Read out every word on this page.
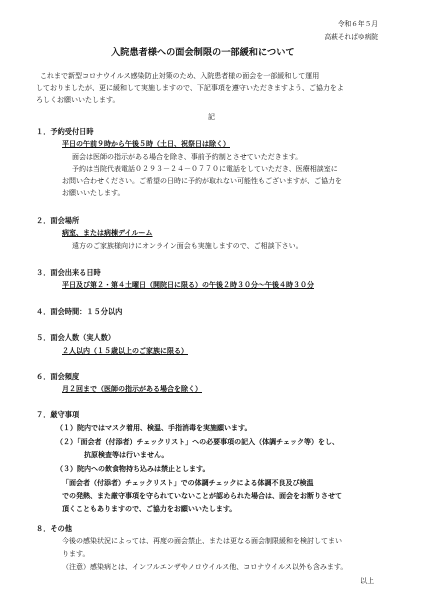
令和６年５月
高萩そればゆ病院
入院患者様への面会制限の一部緩和について
これまで新型コロナウイルス感染防止対策のため、入院患者様の面会を一部緩和して運用
しておりましたが、更に緩和して実施しますので、下記事項を遵守いただきますよう、ご協力をよ
ろしくお願いいたします。
記
１．予約受付日時
平日の午前９時から午後５時（土日、祝祭日は除く）
面会は医師の指示がある場合を除き、事前予約制とさせていただきます。
予約は当院代表電話０２９３－２４－０７７０に電話をしていただき、医療相談室に
お問い合わせください。ご希望の日時に予約が取れない可能性もございますが、ご協力を
お願いいたします。
２．面会場所
病室、または病棟デイルーム
遠方のご家族様向けにオンライン面会も実施しますので、ご相談下さい。
３．面会出来る日時
平日及び第２・第４土曜日（開院日に限る）の午後２時３０分～午後４時３０分
４．面会時間：１５分以内
５．面会人数（実人数）
２人以内（１５歳以上のご家族に限る）
６．面会頻度
月２回まで（医師の指示がある場合を除く）
７．厳守事項
（１）院内ではマスク着用、検温、手指消毒を実施願います。
（２）「面会者（付添者）チェックリスト」への必要事項の記入（体調チェック等）をし、
抗原検査等は行いません。
（３）院内への飲食物持ち込みは禁止とします。
「面会者（付添者）チェックリスト」での体調チェックによる体調不良及び検温
での発熱、また厳守事項を守られていないことが認められた場合は、面会をお断りさせて
頂くこともありますので、ご協力をお願いいたします。
８．その他
今後の感染状況によっては、再度の面会禁止、または更なる面会制限緩和を検討してまい
ります。
（注意）感染病とは、インフルエンザやノロウイルス他、コロナウイルス以外も含みます。
以上
